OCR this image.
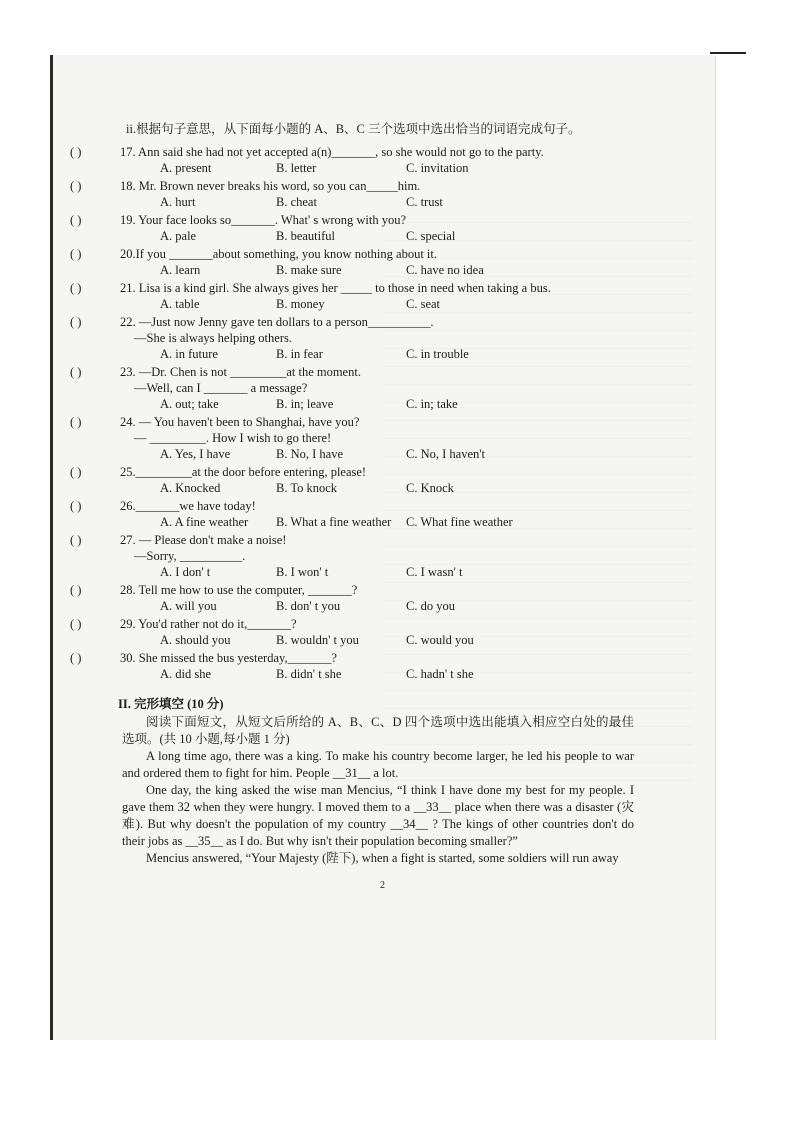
ii.根据句子意思，从下面每小题的 A、B、C 三个选项中选出恰当的词语完成句子。
( )	17. Ann said she had not yet accepted a(n)_______, so she would not go to the party.
A. present	B. letter	C. invitation
( )	18. Mr. Brown never breaks his word, so you can_____him.
A. hurt	B. cheat	C. trust
( )	19. Your face looks so_______. What' s wrong with you?
A. pale	B. beautiful	C. special
( )	20.If you _______about something, you know nothing about it.
A. learn	B. make sure	C. have no idea
( )	21. Lisa is a kind girl. She always gives her _____ to those in need when taking a bus.
A. table	B. money	C. seat
( )	22. —Just now Jenny gave ten dollars to a person__________.
—She is always helping others.
A. in future	B. in fear	C. in trouble
( )	23. —Dr. Chen is not _________at the moment.
—Well, can I _______ a message?
A. out; take	B. in; leave	C. in; take
( )	24. — You haven't been to Shanghai, have you?
— _________. How I wish to go there!
A. Yes, I have	B. No, I have	C. No, I haven't
( )	25._________at the door before entering, please!
A. Knocked	B. To knock	C. Knock
( )	26._______we have today!
A. A fine weather	B. What a fine weather	C. What fine weather
( )	27. — Please don't make a noise!
—Sorry, __________.
A. I don' t	B. I won' t	C. I wasn' t
( )	28. Tell me how to use the computer, _______?
A. will you	B. don' t you	C. do you
( )	29. You'd rather not do it,_______?
A. should you	B. wouldn' t you	C. would you
( )	30. She missed the bus yesterday,_______?
A. did she	B. didn' t she	C. hadn' t she
II. 完形填空 (10 分)

阅读下面短文，从短文后所给的 A、B、C、D 四个选项中选出能填入相应空白处的最佳选项。(共 10 小题,每小题 1 分)

A long time ago, there was a king. To make his country become larger, he led his people to war and ordered them to fight for him. People __31__ a lot.

One day, the king asked the wise man Mencius, “I think I have done my best for my people. I gave them 32 when they were hungry. I moved them to a __33__ place when there was a disaster (灾难). But why doesn't the population of my country __34__ ? The kings of other countries don't do their jobs as __35__ as I do. But why isn't their population becoming smaller?”

Mencius answered, “Your Majesty (陛下), when a fight is started, some soldiers will run away

2
